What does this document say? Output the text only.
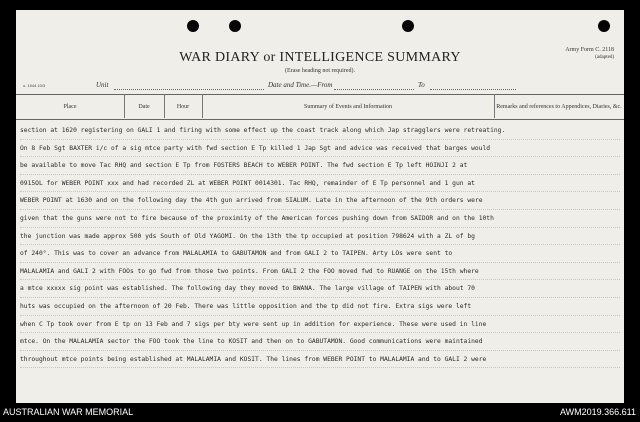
WAR DIARY or INTELLIGENCE SUMMARY
(Erase heading not required).
Army Form C. 2118
(adapted)
o. 1944 10/3	Unit	Date and Time.—From	To
Place	Date	Hour	Summary of Events and Information	Remarks and references to Appendices, Diaries, &c.
section at 1620 registering on GALI 1 and firing with some effect up the coast track along which Jap stragglers were retreating.
On 8 Feb Sgt BAXTER i/c of a sig mtce party with fwd section E Tp killed 1 Jap Sgt and advice was received that barges would
be available to move Tac RHQ and section E Tp from FOSTERS BEACH to WEBER POINT. The fwd section E Tp left HOINJI 2 at
0915OL for WEBER POINT xxx and had recorded ZL at WEBER POINT 0014301. Tac RHQ, remainder of E Tp personnel and 1 gun at
WEBER POINT at 1630 and on the following day the 4th gun arrived from SIALUM. Late in the afternoon of the 9th orders were
given that the guns were not to fire because of the proximity of the American forces pushing down from SAIDOR and on the 10th
the junction was made approx 500 yds South of Old YAGOMI. On the 13th the tp occupied at position 798624 with a ZL of bg
of 240°. This was to cover an advance from MALALAMIA to GABUTAMON and from GALI 2 to TAIPEN. Arty LOs were sent to
MALALAMIA and GALI 2 with FOOs to go fwd from those two points. From GALI 2 the FOO moved fwd to RUANGE on the 15th where
a mtce xxxxx sig point was established. The following day they moved to BWANA. The large village of TAIPEN with about 70
huts was occupied on the afternoon of 20 Feb. There was little opposition and the tp did not fire. Extra sigs were left
when C Tp took over from E tp on 13 Feb and 7 sigs per bty were sent up in addition for experience. These were used in line
mtce. On the MALALAMIA sector the FOO took the line to KOSIT and then on to GABUTAMON. Good communications were maintained
throughout mtce points being established at MALALAMIA and KOSIT. The lines from WEBER POINT to MALALAMIA and to GALI 2 were
AUSTRALIAN WAR MEMORIAL	AWM2019.366.611
